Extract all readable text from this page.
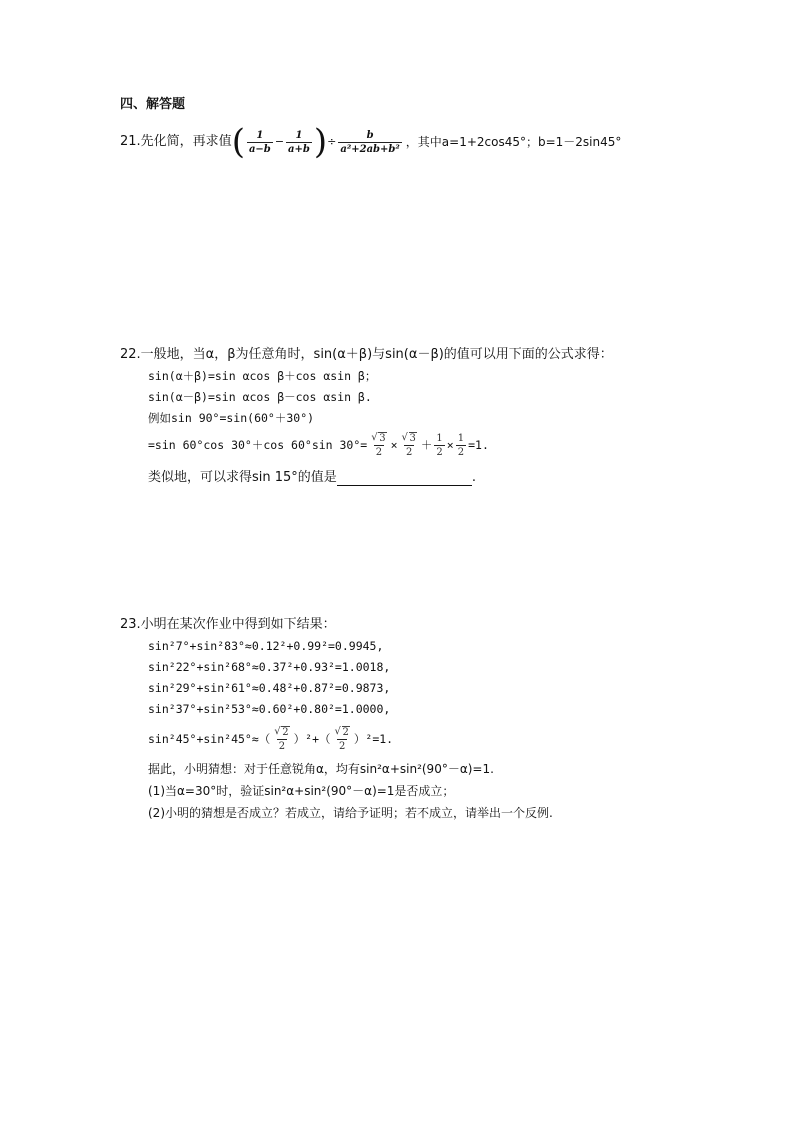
四、解答题
21.先化简，再求值 ( $\frac{1}{a-b} - \frac{1}{a+b}$ ) ÷ $\frac{b}{\text{a²+2ab+b²}}$ ，其中a=1+2cos45°；b=1－2sin45°
22.一般地，当α，β为任意角时，sin(α＋β)与sin(α－β)的值可以用下面的公式求得：
sin(α＋β)=sin αcos β＋cos αsin β；
sin(α－β)=sin αcos β－cos αsin β.
例如sin 90°=sin(60°＋30°)
=sin 60°cos 30°＋cos 60°sin 30°= √ $\frac{3}{2}$ × √ $\frac{3}{2} + \frac{1}{2} \times \frac{1}{2} =1$.
类似地，可以求得sin 15°的值是	.
23.小明在某次作业中得到如下结果：
sin²7°+sin²83°≈0.12²+0.99²=0.9945,
sin²22°+sin²68°≈0.37²+0.93²=1.0018,
sin²29°+sin²61°≈0.48²+0.87²=0.9873,
sin²37°+sin²53°≈0.60²+0.80²=1.0000,
sin²45°+sin²45°≈（ √ $\frac{2}{2} )^2+$（ √ $\frac{2}{2} )^2=1$.
据此，小明猜想：对于任意锐角α，均有sin²α+sin²(90°－α)=1.
(1)当α=30°时，验证sin²α+sin²(90°－α)=1是否成立；
(2)小明的猜想是否成立？若成立，请给予证明；若不成立，请举出一个反例.
